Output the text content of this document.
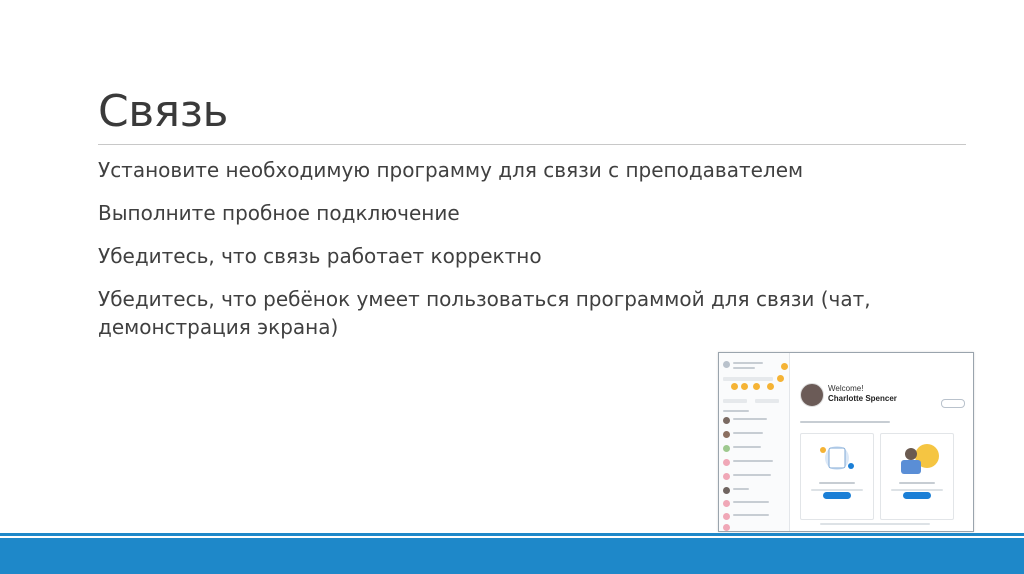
Связь
Установите необходимую программу для связи с преподавателем
Выполните пробное подключение
Убедитесь, что связь работает корректно
Убедитесь, что ребёнок умеет пользоваться программой для связи (чат, демонстрация экрана)
Welcome!
Charlotte Spencer
